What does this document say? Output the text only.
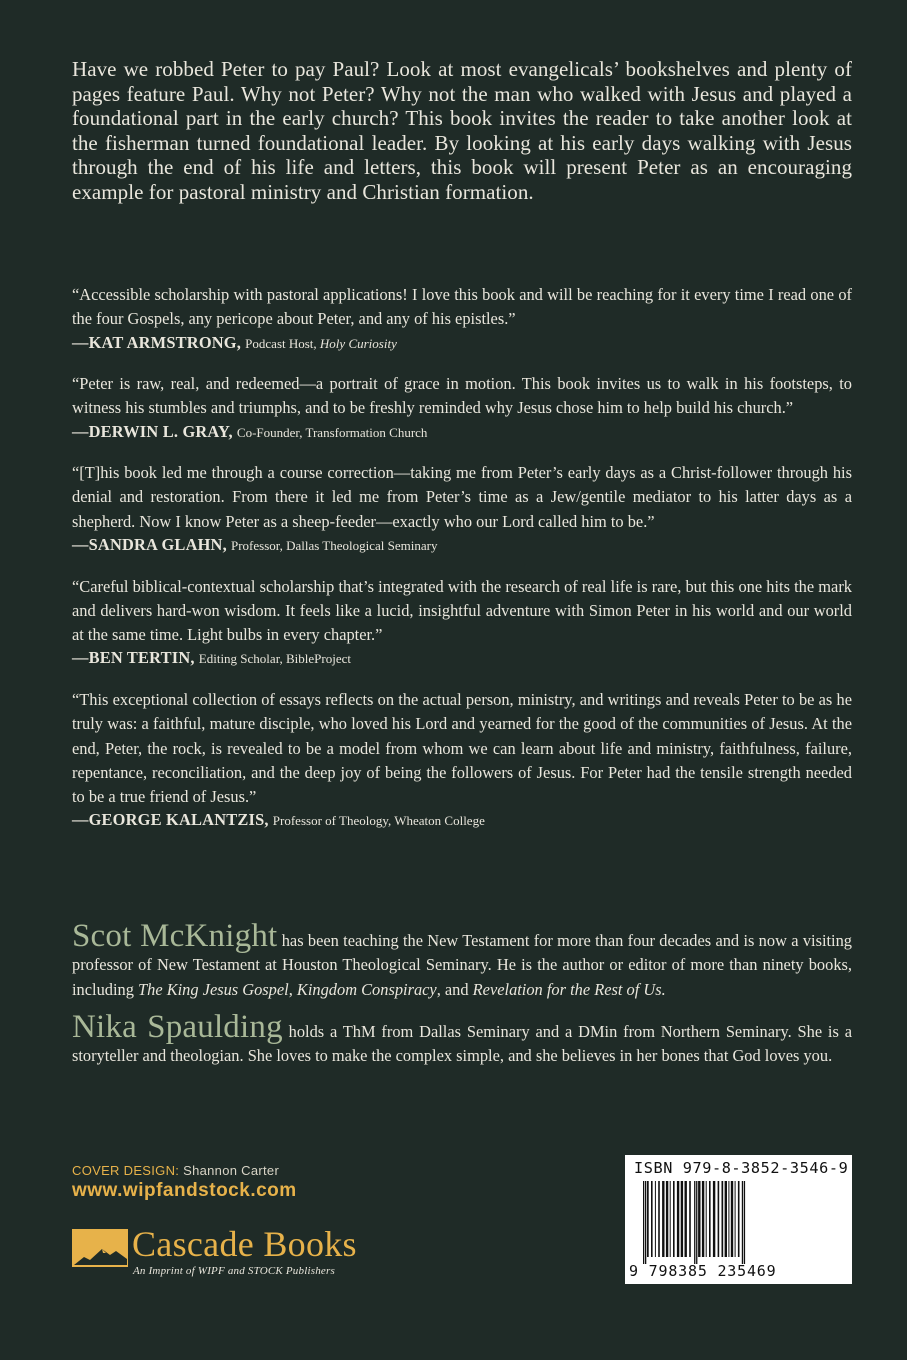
Have we robbed Peter to pay Paul? Look at most evangelicals’ bookshelves and plenty of pages feature Paul. Why not Peter? Why not the man who walked with Jesus and played a foundational part in the early church? This book invites the reader to take another look at the fisherman turned foundational leader. By looking at his early days walking with Jesus through the end of his life and letters, this book will present Peter as an encouraging example for pastoral ministry and Christian formation.

“Accessible scholarship with pastoral applications! I love this book and will be reaching for it every time I read one of the four Gospels, any pericope about Peter, and any of his epistles.”

—KAT ARMSTRONG, Podcast Host, Holy Curiosity

“Peter is raw, real, and redeemed—a portrait of grace in motion. This book invites us to walk in his footsteps, to witness his stumbles and triumphs, and to be freshly reminded why Jesus chose him to help build his church.”

—DERWIN L. GRAY, Co-Founder, Transformation Church

“[T]his book led me through a course correction—taking me from Peter’s early days as a Christ-follower through his denial and restoration. From there it led me from Peter’s time as a Jew/gentile mediator to his latter days as a shepherd. Now I know Peter as a sheep-feeder—exactly who our Lord called him to be.”

—SANDRA GLAHN, Professor, Dallas Theological Seminary

“Careful biblical-contextual scholarship that’s integrated with the research of real life is rare, but this one hits the mark and delivers hard-won wisdom. It feels like a lucid, insightful adventure with Simon Peter in his world and our world at the same time. Light bulbs in every chapter.”

—BEN TERTIN, Editing Scholar, BibleProject

“This exceptional collection of essays reflects on the actual person, ministry, and writings and reveals Peter to be as he truly was: a faithful, mature disciple, who loved his Lord and yearned for the good of the communities of Jesus. At the end, Peter, the rock, is revealed to be a model from whom we can learn about life and ministry, faithfulness, failure, repentance, reconciliation, and the deep joy of being the followers of Jesus. For Peter had the tensile strength needed to be a true friend of Jesus.”

—GEORGE KALANTZIS, Professor of Theology, Wheaton College

Scot McKnight has been teaching the New Testament for more than four decades and is now a visiting professor of New Testament at Houston Theological Seminary. He is the author or editor of more than ninety books, including The King Jesus Gospel, Kingdom Conspiracy, and Revelation for the Rest of Us.

Nika Spaulding holds a ThM from Dallas Seminary and a DMin from Northern Seminary. She is a storyteller and theologian. She loves to make the complex simple, and she believes in her bones that God loves you.

COVER DESIGN: Shannon Carter
www.wipfandstock.com
Cascade Books
An Imprint of WIPF and STOCK Publishers
ISBN 979-8-3852-3546-9
9 798385 235469
